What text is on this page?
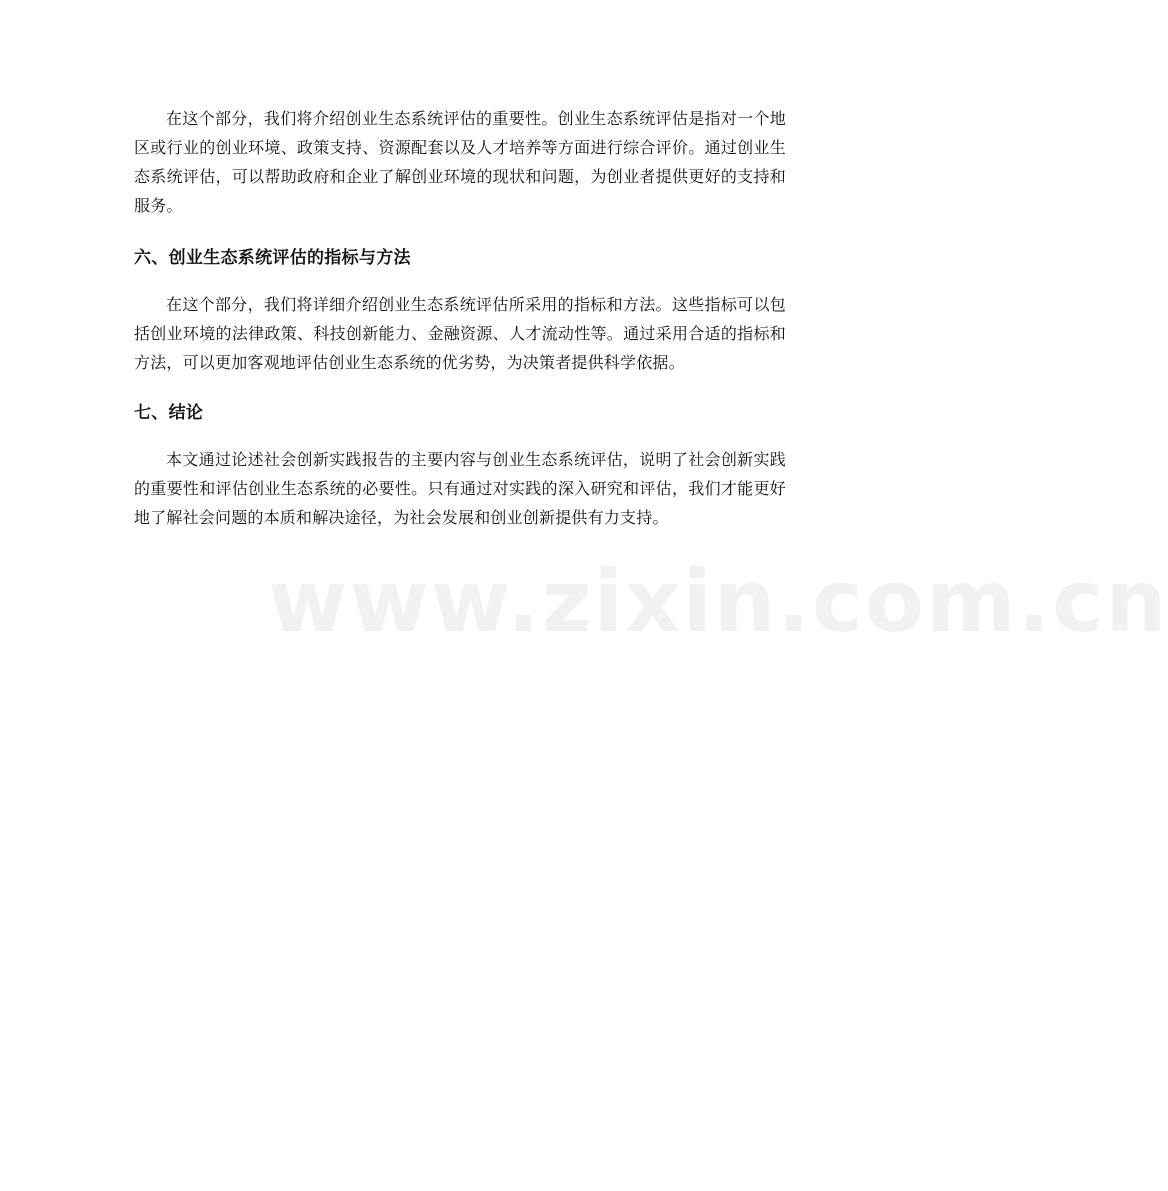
在这个部分，我们将介绍创业生态系统评估的重要性。创业生态系统评估是指对一个地区或行业的创业环境、政策支持、资源配套以及人才培养等方面进行综合评价。通过创业生态系统评估，可以帮助政府和企业了解创业环境的现状和问题，为创业者提供更好的支持和服务。

六、创业生态系统评估的指标与方法

在这个部分，我们将详细介绍创业生态系统评估所采用的指标和方法。这些指标可以包括创业环境的法律政策、科技创新能力、金融资源、人才流动性等。通过采用合适的指标和方法，可以更加客观地评估创业生态系统的优劣势，为决策者提供科学依据。

七、结论

本文通过论述社会创新实践报告的主要内容与创业生态系统评估，说明了社会创新实践的重要性和评估创业生态系统的必要性。只有通过对实践的深入研究和评估，我们才能更好地了解社会问题的本质和解决途径，为社会发展和创业创新提供有力支持。

www.zixin.com.cn
